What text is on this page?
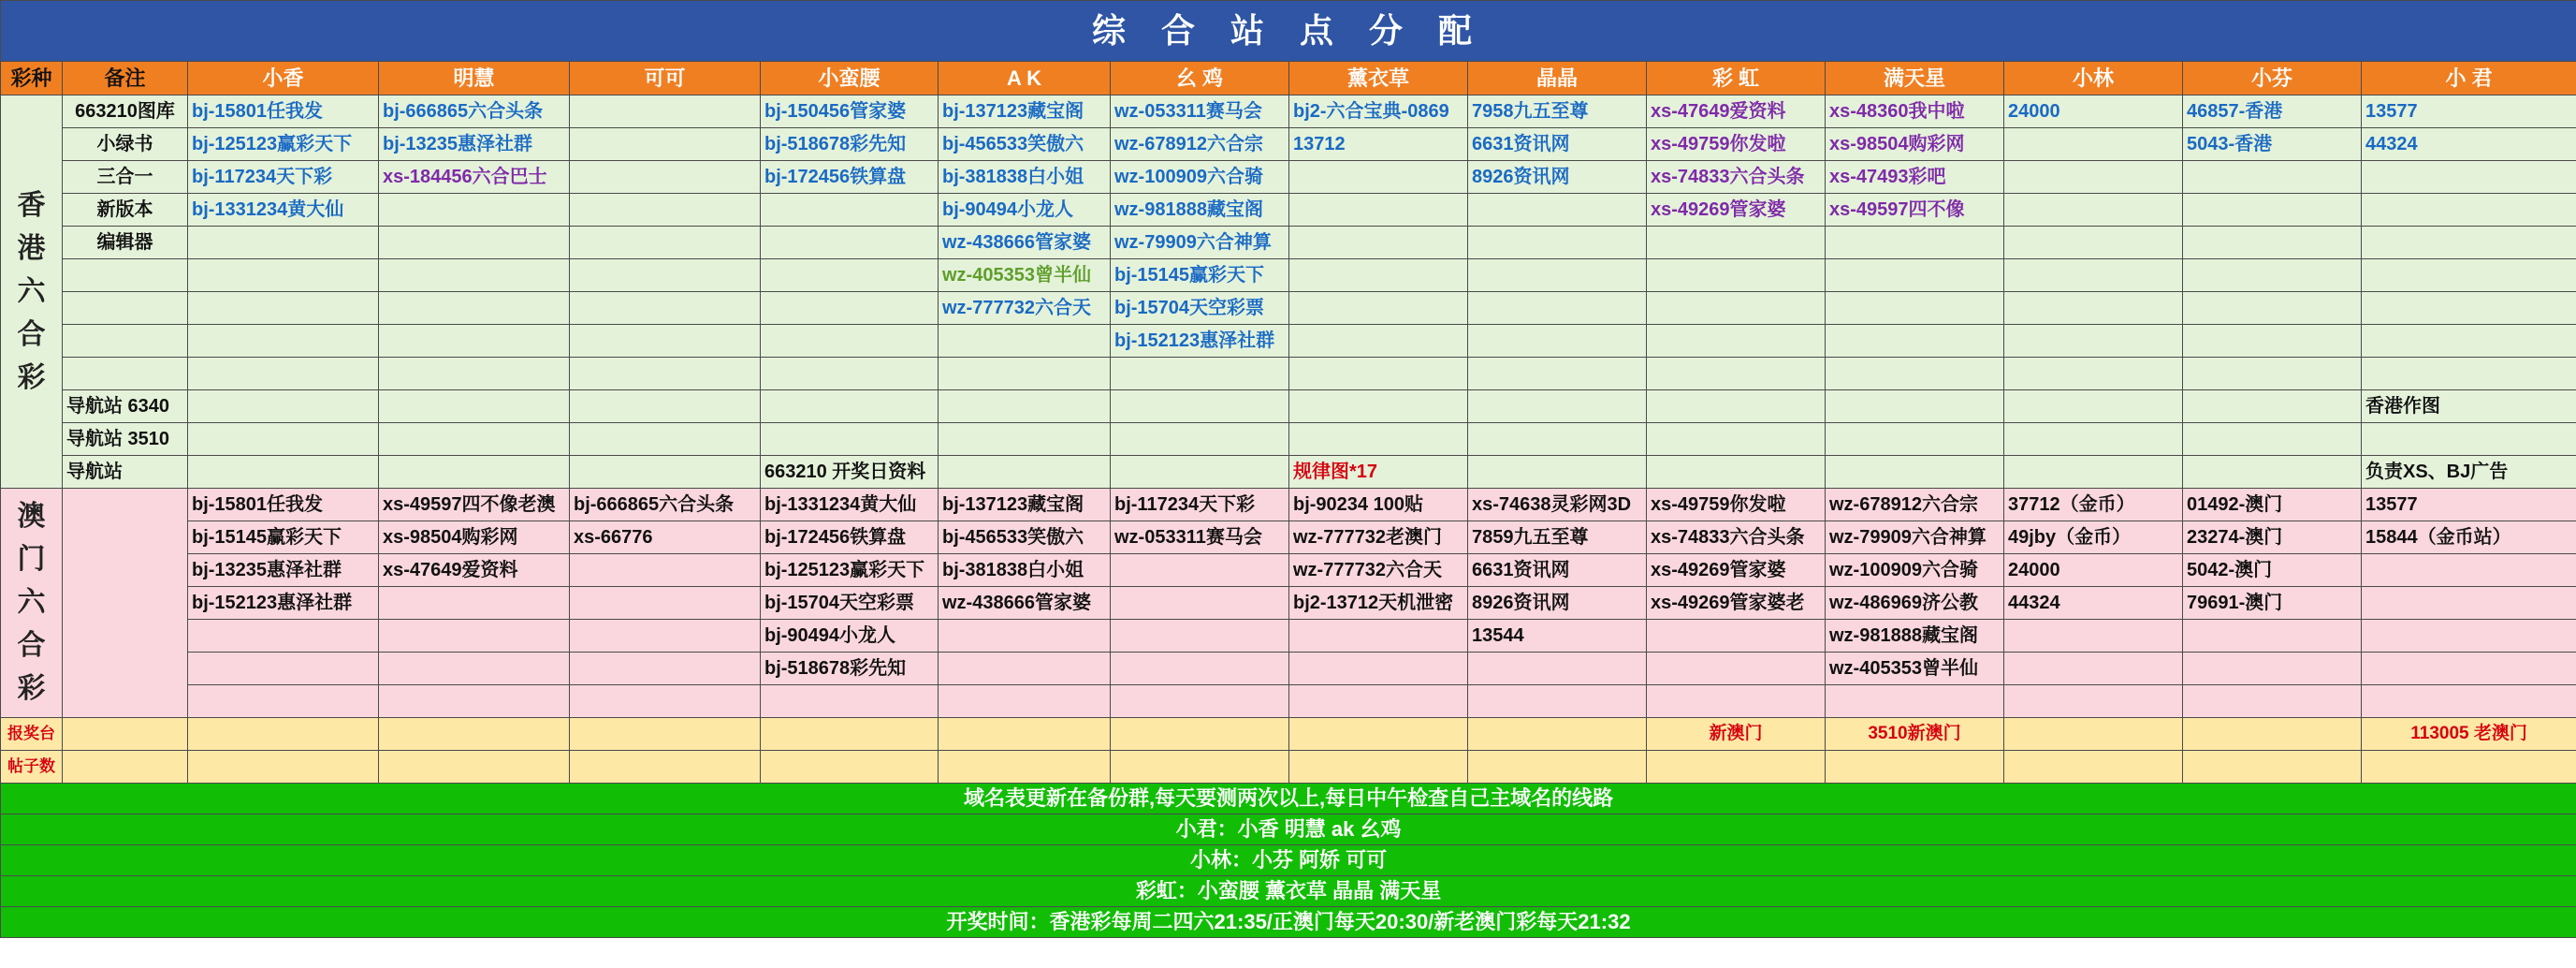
综 合 站 点 分 配														
彩种	备注	小香	明慧	可可	小蛮腰	A K	幺 鸡	薰衣草	晶晶	彩 虹	满天星	小林	小芬	小 君

香
港
六
合
彩	663210图库	bj-15801任我发	bj-666865六合头条		bj-150456管家婆	bj-137123藏宝阁	wz-053311赛马会	bj2-六合宝典-0869	7958九五至尊	xs-47649爱资料	xs-48360我中啦	24000	46857-香港	13577
	小绿书	bj-125123赢彩天下	bj-13235惠泽社群		bj-518678彩先知	bj-456533笑傲六	wz-678912六合宗	13712	6631资讯网	xs-49759你发啦	xs-98504购彩网		5043-香港	44324
	三合一	bj-117234天下彩	xs-184456六合巴士		bj-172456铁算盘	bj-381838白小姐	wz-100909六合骑		8926资讯网	xs-74833六合头条	xs-47493彩吧			
	新版本	bj-1331234黄大仙				bj-90494小龙人	wz-981888藏宝阁			xs-49269管家婆	xs-49597四不像			
	编辑器					wz-438666管家婆	wz-79909六合神算							
						wz-405353曾半仙	bj-15145赢彩天下							
						wz-777732六合天	bj-15704天空彩票							
							bj-152123惠泽社群							

	导航站 6340													香港作图
	导航站 3510													
	导航站				663210 开奖日资料			规律图*17						负责XS、BJ广告

澳
门
六
合
彩		bj-15801任我发	xs-49597四不像老澳	bj-666865六合头条	bj-1331234黄大仙	bj-137123藏宝阁	bj-117234天下彩	bj-90234 100贴	xs-74638灵彩网3D	xs-49759你发啦	wz-678912六合宗	37712（金币）	01492-澳门	13577
		bj-15145赢彩天下	xs-98504购彩网	xs-66776	bj-172456铁算盘	bj-456533笑傲六	wz-053311赛马会	wz-777732老澳门	7859九五至尊	xs-74833六合头条	wz-79909六合神算	49jby（金币）	23274-澳门	15844（金币站）
		bj-13235惠泽社群	xs-47649爱资料		bj-125123赢彩天下	bj-381838白小姐		wz-777732六合天	6631资讯网	xs-49269管家婆	wz-100909六合骑	24000	5042-澳门	
		bj-152123惠泽社群			bj-15704天空彩票	wz-438666管家婆		bj2-13712天机泄密	8926资讯网	xs-49269管家婆老	wz-486969济公教	44324	79691-澳门	
					bj-90494小龙人				13544		wz-981888藏宝阁			
					bj-518678彩先知						wz-405353曾半仙			

报奖台										新澳门	3510新澳门			113005 老澳门
帖子数														
域名表更新在备份群,每天要测两次以上,每日中午检查自己主域名的线路														
小君：小香 明慧 ak 幺鸡														
小林：小芬 阿娇 可可														
彩虹：小蛮腰 薰衣草 晶晶 满天星														
开奖时间：香港彩每周二四六21:35/正澳门每天20:30/新老澳门彩每天21:32														
